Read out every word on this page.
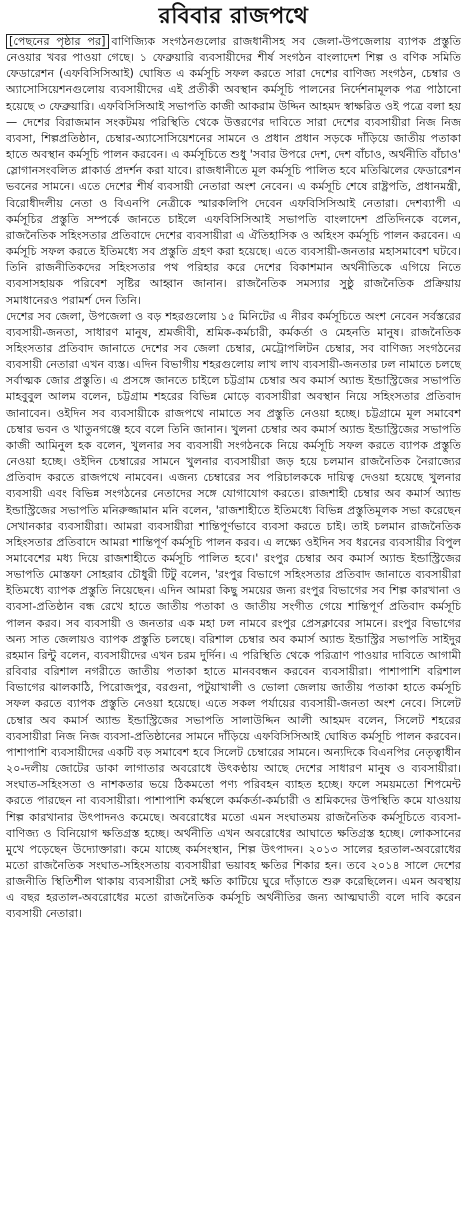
রবিবার রাজপথে

[পেছনের পৃষ্ঠার পর] বাণিজ্যিক সংগঠনগুলোর রাজধানীসহ সব জেলা-উপজেলায় ব্যাপক প্রস্তুতি নেওয়ার খবর পাওয়া গেছে। ১ ফেব্রুয়ারি ব্যবসায়ীদের শীর্ষ সংগঠন বাংলাদেশ শিল্প ও বণিক সমিতি ফেডারেশন (এফবিসিসিআই) ঘোষিত এ কর্মসূচি সফল করতে সারা দেশের বাণিজ্য সংগঠন, চেম্বার ও অ্যাসোসিয়েশনগুলোয় ব্যবসায়ীদের এই প্রতীকী অবস্থান কর্মসূচি পালনের নির্দেশনামূলক পত্র পাঠানো হয়েছে ৩ ফেব্রুয়ারি। এফবিসিসিআই সভাপতি কাজী আকরাম উদ্দিন আহমদ স্বাক্ষরিত ওই পত্রে বলা হয়— দেশের বিরাজমান সংকটময় পরিস্থিতি থেকে উত্তরণের দাবিতে সারা দেশের ব্যবসায়ীরা নিজ নিজ ব্যবসা, শিল্পপ্রতিষ্ঠান, চেম্বার-অ্যাসোসিয়েশনের সামনে ও প্রধান প্রধান সড়কে দাঁড়িয়ে জাতীয় পতাকা হাতে অবস্থান কর্মসূচি পালন করবেন। এ কর্মসূচিতে শুধু 'সবার উপরে দেশ, দেশ বাঁচাও, অর্থনীতি বাঁচাও' স্লোগানসংবলিত প্লাকার্ড প্রদর্শন করা যাবে। রাজধানীতে মূল কর্মসূচি পালিত হবে মতিঝিলের ফেডারেশন ভবনের সামনে। এতে দেশের শীর্ষ ব্যবসায়ী নেতারা অংশ নেবেন। এ কর্মসূচি শেষে রাষ্ট্রপতি, প্রধানমন্ত্রী, বিরোধীদলীয় নেতা ও বিএনপি নেত্রীকে স্মারকলিপি দেবেন এফবিসিসিআই নেতারা। দেশব্যাপী এ কর্মসূচির প্রস্তুতি সম্পর্কে জানতে চাইলে এফবিসিসিআই সভাপতি বাংলাদেশ প্রতিদিনকে বলেন, রাজনৈতিক সহিংসতার প্রতিবাদে দেশের ব্যবসায়ীরা এ ঐতিহাসিক ও অহিংস কর্মসূচি পালন করবেন। এ কর্মসূচি সফল করতে ইতিমধ্যে সব প্রস্তুতি গ্রহণ করা হয়েছে। এতে ব্যবসায়ী-জনতার মহাসমাবেশ ঘটবে। তিনি রাজনীতিকদের সহিংসতার পথ পরিহার করে দেশের বিকাশমান অর্থনীতিকে এগিয়ে নিতে ব্যবসাসহায়ক পরিবেশ সৃষ্টির আহ্বান জানান। রাজনৈতিক সমস্যার সুষ্ঠু রাজনৈতিক প্রক্রিয়ায় সমাধানেরও পরামর্শ দেন তিনি।

দেশের সব জেলা, উপজেলা ও বড় শহরগুলোয় ১৫ মিনিটের এ নীরব কর্মসূচিতে অংশ নেবেন সর্বস্তরের ব্যবসায়ী-জনতা, সাধারণ মানুষ, শ্রমজীবী, শ্রমিক-কর্মচারী, কর্মকর্তা ও মেহনতি মানুষ। রাজনৈতিক সহিংসতার প্রতিবাদ জানাতে দেশের সব জেলা চেম্বার, মেট্রোপলিটন চেম্বার, সব বাণিজ্য সংগঠনের ব্যবসায়ী নেতারা এখন ব্যস্ত। এদিন বিভাগীয় শহরগুলোয় লাখ লাখ ব্যবসায়ী-জনতার ঢল নামাতে চলছে সর্বাত্মক জোর প্রস্তুতি। এ প্রসঙ্গে জানতে চাইলে চট্টগ্রাম চেম্বার অব কমার্স অ্যান্ড ইন্ডাস্ট্রিজের সভাপতি মাহবুবুল আলম বলেন, চট্টগ্রাম শহরের বিভিন্ন মোড়ে ব্যবসায়ীরা অবস্থান নিয়ে সহিংসতার প্রতিবাদ জানাবেন। ওইদিন সব ব্যবসায়ীকে রাজপথে নামাতে সব প্রস্তুতি নেওয়া হচ্ছে। চট্টগ্রামে মূল সমাবেশ চেম্বার ভবন ও খাতুনগঞ্জে হবে বলে তিনি জানান। খুলনা চেম্বার অব কমার্স অ্যান্ড ইন্ডাস্ট্রিজের সভাপতি কাজী আমিনুল হক বলেন, খুলনার সব ব্যবসায়ী সংগঠনকে নিয়ে কর্মসূচি সফল করতে ব্যাপক প্রস্তুতি নেওয়া হচ্ছে। ওইদিন চেম্বারের সামনে খুলনার ব্যবসায়ীরা জড় হয়ে চলমান রাজনৈতিক নৈরাজ্যের প্রতিবাদ করতে রাজপথে নামবেন। এজন্য চেম্বারের সব পরিচালককে দায়িত্ব দেওয়া হয়েছে খুলনার ব্যবসায়ী এবং বিভিন্ন সংগঠনের নেতাদের সঙ্গে যোগাযোগ করতে। রাজশাহী চেম্বার অব কমার্স অ্যান্ড ইন্ডাস্ট্রিজের সভাপতি মনিরুজ্জামান মনি বলেন, 'রাজশাহীতে ইতিমধ্যে বিভিন্ন প্রস্তুতিমূলক সভা করেছেন সেখানকার ব্যবসায়ীরা। আমরা ব্যবসায়ীরা শান্তিপূর্ণভাবে ব্যবসা করতে চাই। তাই চলমান রাজনৈতিক সহিংসতার প্রতিবাদে আমরা শান্তিপূর্ণ কর্মসূচি পালন করব। এ লক্ষ্যে ওইদিন সব ধরনের ব্যবসায়ীর বিপুল সমাবেশের মধ্য দিয়ে রাজশাহীতে কর্মসূচি পালিত হবে।' রংপুর চেম্বার অব কমার্স অ্যান্ড ইন্ডাস্ট্রিজের সভাপতি মোস্তফা সোহরাব চৌধুরী টিটু বলেন, 'রংপুর বিভাগে সহিংসতার প্রতিবাদ জানাতে ব্যবসায়ীরা ইতিমধ্যে ব্যাপক প্রস্তুতি নিয়েছেন। এদিন আমরা কিছু সময়ের জন্য রংপুর বিভাগের সব শিল্প কারখানা ও ব্যবসা-প্রতিষ্ঠান বন্ধ রেখে হাতে জাতীয় পতাকা ও জাতীয় সংগীত গেয়ে শান্তিপূর্ণ প্রতিবাদ কর্মসূচি পালন করব। সব ব্যবসায়ী ও জনতার এক মহা ঢল নামবে রংপুর প্রেসক্লাবের সামনে। রংপুর বিভাগের অন্য সাত জেলায়ও ব্যাপক প্রস্তুতি চলছে। বরিশাল চেম্বার অব কমার্স অ্যান্ড ইন্ডাস্ট্রির সভাপতি সাইদুর রহমান রিন্টু বলেন, ব্যবসায়ীদের এখন চরম দুর্দিন। এ পরিস্থিতি থেকে পরিত্রাণ পাওয়ার দাবিতে আগামী রবিবার বরিশাল নগরীতে জাতীয় পতাকা হাতে মানববন্ধন করবেন ব্যবসায়ীরা। পাশাপাশি বরিশাল বিভাগের ঝালকাঠি, পিরোজপুর, বরগুনা, পটুয়াখালী ও ভোলা জেলায় জাতীয় পতাকা হাতে কর্মসূচি সফল করতে ব্যাপক প্রস্তুতি নেওয়া হয়েছে। এতে সকল পর্যায়ের ব্যবসায়ী-জনতা অংশ নেবে। সিলেট চেম্বার অব কমার্স অ্যান্ড ইন্ডাস্ট্রিজের সভাপতি সালাউদ্দিন আলী আহমদ বলেন, সিলেট শহরের ব্যবসায়ীরা নিজ নিজ ব্যবসা-প্রতিষ্ঠানের সামনে দাঁড়িয়ে এফবিসিসিআই ঘোষিত কর্মসূচি পালন করবেন। পাশাপাশি ব্যবসায়ীদের একটি বড় সমাবেশ হবে সিলেট চেম্বারের সামনে। অন্যদিকে বিএনপির নেতৃত্বাধীন ২০-দলীয় জোটের ডাকা লাগাতার অবরোধে উৎকণ্ঠায় আছে দেশের সাধারণ মানুষ ও ব্যবসায়ীরা। সংঘাত-সহিংসতা ও নাশকতার ভয়ে ঠিকমতো পণ্য পরিবহন ব্যাহত হচ্ছে। ফলে সময়মতো শিপমেন্ট করতে পারছেন না ব্যবসায়ীরা। পাশাপাশি কর্মস্থলে কর্মকর্তা-কর্মচারী ও শ্রমিকদের উপস্থিতি কমে যাওয়ায় শিল্প কারখানার উৎপাদনও কমেছে। অবরোধের মতো এমন সংঘাতময় রাজনৈতিক কর্মসূচিতে ব্যবসা-বাণিজ্য ও বিনিয়োগ ক্ষতিগ্রস্ত হচ্ছে। অর্থনীতি এখন অবরোধের আঘাতে ক্ষতিগ্রস্ত হচ্ছে। লোকসানের মুখে পড়েছেন উদ্যোক্তারা। কমে যাচ্ছে কর্মসংস্থান, শিল্প উৎপাদন। ২০১৩ সালের হরতাল-অবরোধের মতো রাজনৈতিক সংঘাত-সহিংসতায় ব্যবসায়ীরা ভয়াবহ ক্ষতির শিকার হন। তবে ২০১৪ সালে দেশের রাজনীতি স্থিতিশীল থাকায় ব্যবসায়ীরা সেই ক্ষতি কাটিয়ে ঘুরে দাঁড়াতে শুরু করেছিলেন। এমন অবস্থায় এ বছর হরতাল-অবরোধের মতো রাজনৈতিক কর্মসূচি অর্থনীতির জন্য আত্মঘাতী বলে দাবি করেন ব্যবসায়ী নেতারা।
